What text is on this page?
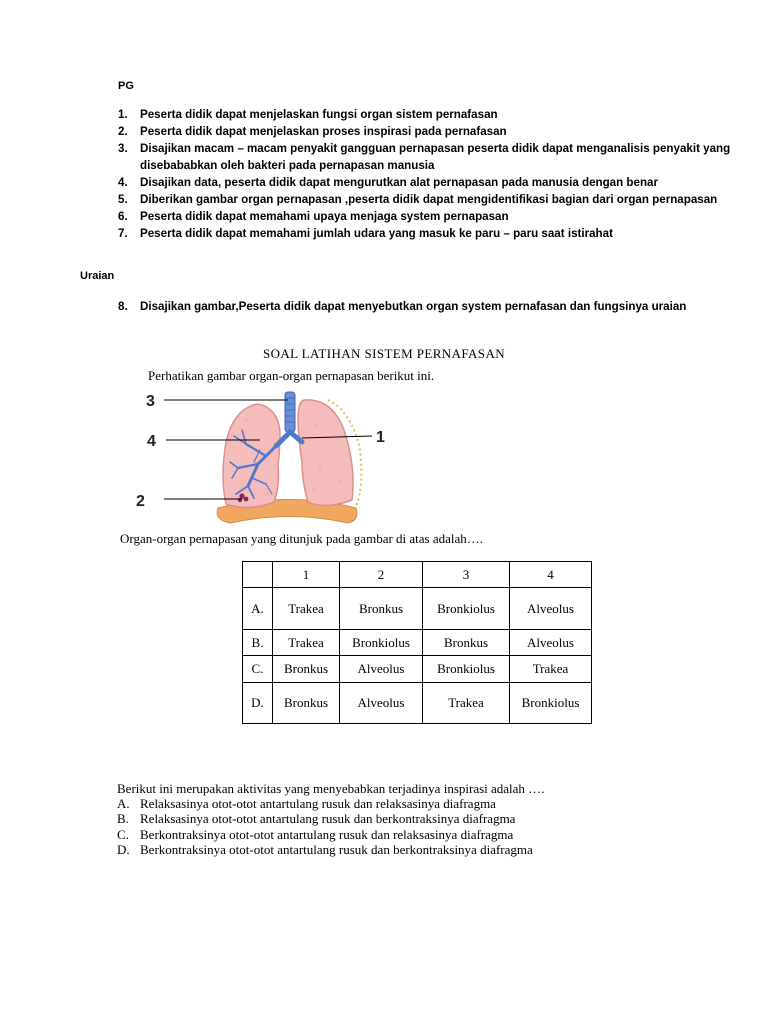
PG
1. Peserta didik dapat menjelaskan fungsi organ sistem pernafasan
2. Peserta didik dapat menjelaskan proses inspirasi pada pernafasan
3. Disajikan macam – macam penyakit gangguan pernapasan peserta didik dapat menganalisis penyakit yang disebababkan oleh bakteri pada pernapasan manusia
4. Disajikan data, peserta didik dapat mengurutkan alat pernapasan pada manusia dengan benar
5. Diberikan gambar organ pernapasan ,peserta didik dapat mengidentifikasi bagian dari organ pernapasan
6. Peserta didik dapat memahami upaya menjaga system pernapasan
7. Peserta didik dapat memahami jumlah udara yang masuk ke paru – paru saat istirahat
Uraian
8. Disajikan gambar,Peserta didik dapat menyebutkan organ system pernafasan dan fungsinya uraian
SOAL LATIHAN SISTEM PERNAFASAN
Perhatikan gambar organ-organ pernapasan berikut ini.
3
4
2
1
Organ-organ pernapasan yang ditunjuk pada gambar di atas adalah….
	1	2	3	4
A.	Trakea	Bronkus	Bronkiolus	Alveolus
B.	Trakea	Bronkiolus	Bronkus	Alveolus
C.	Bronkus	Alveolus	Bronkiolus	Trakea
D.	Bronkus	Alveolus	Trakea	Bronkiolus
Berikut ini merupakan aktivitas yang menyebabkan terjadinya inspirasi adalah ….
A. Relaksasinya otot-otot antartulang rusuk dan relaksasinya diafragma
B. Relaksasinya otot-otot antartulang rusuk dan berkontraksinya diafragma
C. Berkontraksinya otot-otot antartulang rusuk dan relaksasinya diafragma
D. Berkontraksinya otot-otot antartulang rusuk dan berkontraksinya diafragma
